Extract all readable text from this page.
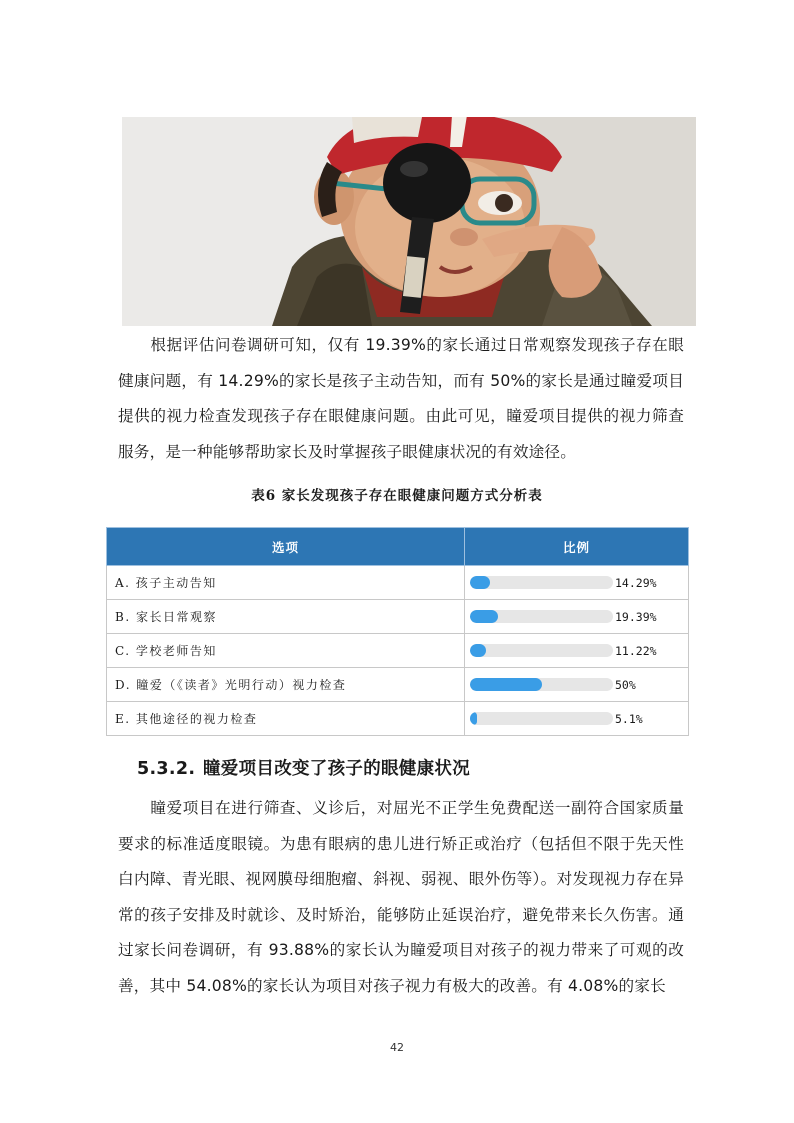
根据评估问卷调研可知，仅有 19.39%的家长通过日常观察发现孩子存在眼健康问题，有 14.29%的家长是孩子主动告知，而有 50%的家长是通过瞳爱项目提供的视力检查发现孩子存在眼健康问题。由此可见，瞳爱项目提供的视力筛查服务，是一种能够帮助家长及时掌握孩子眼健康状况的有效途径。

表6 家长发现孩子存在眼健康问题方式分析表
选项	比例
A. 孩子主动告知	14.29%

B. 家长日常观察	19.39%

C. 学校老师告知	11.22%

D. 瞳爱（《读者》光明行动）视力检查	50%

E. 其他途径的视力检查	5.1%
5.3.2. 瞳爱项目改变了孩子的眼健康状况

瞳爱项目在进行筛查、义诊后，对屈光不正学生免费配送一副符合国家质量要求的标准适度眼镜。为患有眼病的患儿进行矫正或治疗（包括但不限于先天性白内障、青光眼、视网膜母细胞瘤、斜视、弱视、眼外伤等）。对发现视力存在异常的孩子安排及时就诊、及时矫治，能够防止延误治疗，避免带来长久伤害。通过家长问卷调研，有 93.88%的家长认为瞳爱项目对孩子的视力带来了可观的改善，其中 54.08%的家长认为项目对孩子视力有极大的改善。有 4.08%的家长

42
